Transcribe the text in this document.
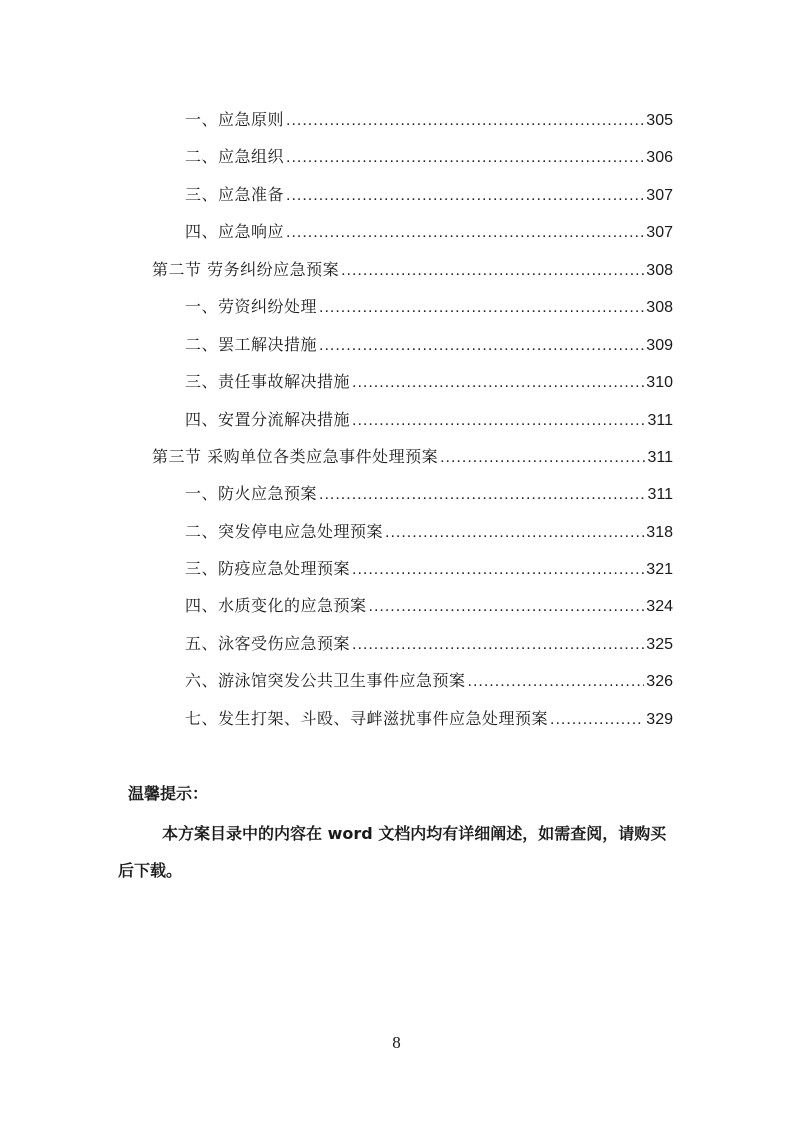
一、应急原则 .....	305
二、应急组织 .....	306
三、应急准备 .....	307
四、应急响应 .....	307
第二节 劳务纠纷应急预案 .....	308
一、劳资纠纷处理 .....	308
二、罢工解决措施 .....	309
三、责任事故解决措施 .....	310
四、安置分流解决措施 .....	311
第三节 采购单位各类应急事件处理预案 .....	311
一、防火应急预案 .....	311
二、突发停电应急处理预案 .....	318
三、防疫应急处理预案 .....	321
四、水质变化的应急预案 .....	324
五、泳客受伤应急预案 .....	325
六、游泳馆突发公共卫生事件应急预案 .....	326
七、发生打架、斗殴、寻衅滋扰事件应急处理预案 .....	329
温馨提示：
本方案目录中的内容在 word 文档内均有详细阐述，如需查阅，请购买后下载。
8
